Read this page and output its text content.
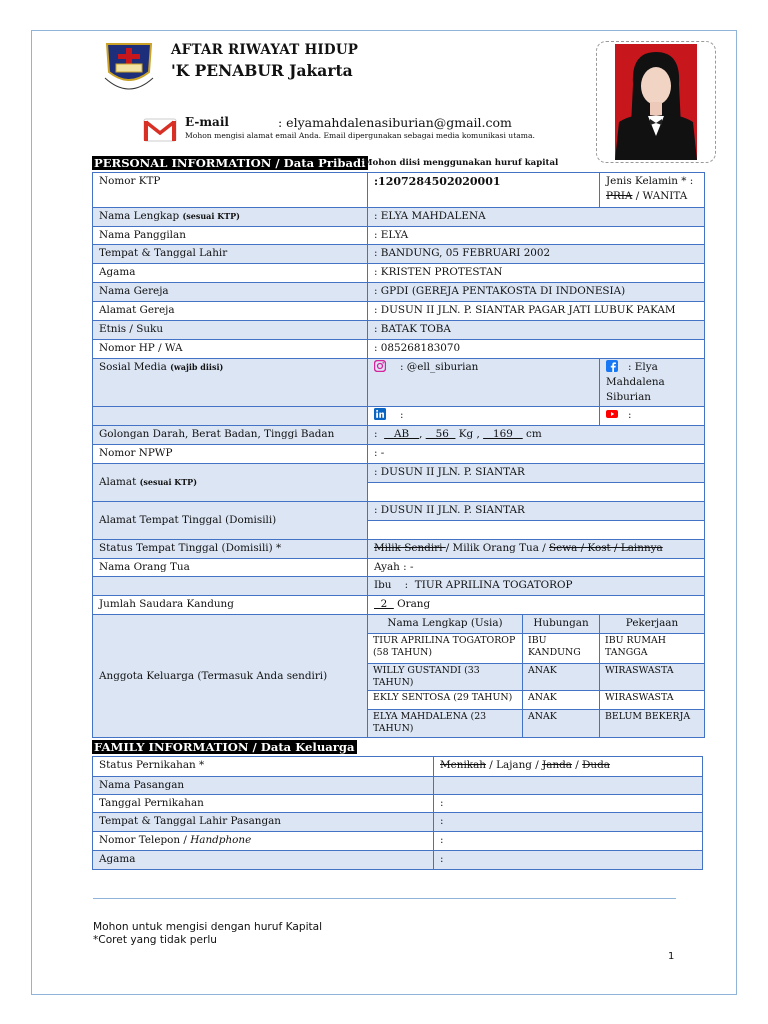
AFTAR RIWAYAT HIDUP
'K PENABUR Jakarta
E-mail	: elyamahdalenasiburian@gmail.com
Mohon mengisi alamat email Anda. Email dipergunakan sebagai media komunikasi utama.
PERSONAL INFORMATION / Data Pribadi
Mohon diisi menggunakan huruf kapital
Nomor KTP	:1207284502020001		Jenis Kelamin * : PRIA / WANITA
Nama Lengkap (sesuai KTP)	: ELYA MAHDALENA		
Nama Panggilan	: ELYA		
Tempat & Tanggal Lahir	: BANDUNG, 05 FEBRUARI 2002		
Agama	: KRISTEN PROTESTAN		
Nama Gereja	: GPDI (GEREJA PENTAKOSTA DI INDONESIA)		
Alamat Gereja	: DUSUN II JLN. P. SIANTAR PAGAR JATI LUBUK PAKAM		
Etnis / Suku	: BATAK TOBA		
Nomor HP / WA	: 085268183070		
Sosial Media (wajib diisi)	: @ell_siburian		: Elya Mahdalena Siburian
	:		:
Golongan Darah, Berat Badan, Tinggi Badan	:     AB   ,    56   Kg ,    169    cm		
Nomor NPWP	: -		
Alamat (sesuai KTP)	: DUSUN II JLN. P. SIANTAR		

Alamat Tempat Tinggal (Domisili)	: DUSUN II JLN. P. SIANTAR		

Status Tempat Tinggal (Domisili) *	Milik Sendiri / Milik Orang Tua / Sewa / Kost / Lainnya		
Nama Orang Tua	Ayah : -		
	Ibu :  TIUR APRILINA TOGATOROP		
Jumlah Saudara Kandung	2   Orang		
Anggota Keluarga (Termasuk Anda sendiri)	Nama Lengkap (Usia)	Hubungan	Pekerjaan
	TIUR APRILINA TOGATOROP (58 TAHUN)	IBU KANDUNG	IBU RUMAH TANGGA
	WILLY GUSTANDI (33 TAHUN)	ANAK	WIRASWASTA
	EKLY SENTOSA (29 TAHUN)	ANAK	WIRASWASTA
	ELYA MAHDALENA (23 TAHUN)	ANAK	BELUM BEKERJA
FAMILY INFORMATION / Data Keluarga
Status Pernikahan *	Menikah / Lajang / Janda / Duda
Nama Pasangan	
Tanggal Pernikahan	:
Tempat & Tanggal Lahir Pasangan	:
Nomor Telepon / Handphone	:
Agama	:
Mohon untuk mengisi dengan huruf Kapital
*Coret yang tidak perlu
1
